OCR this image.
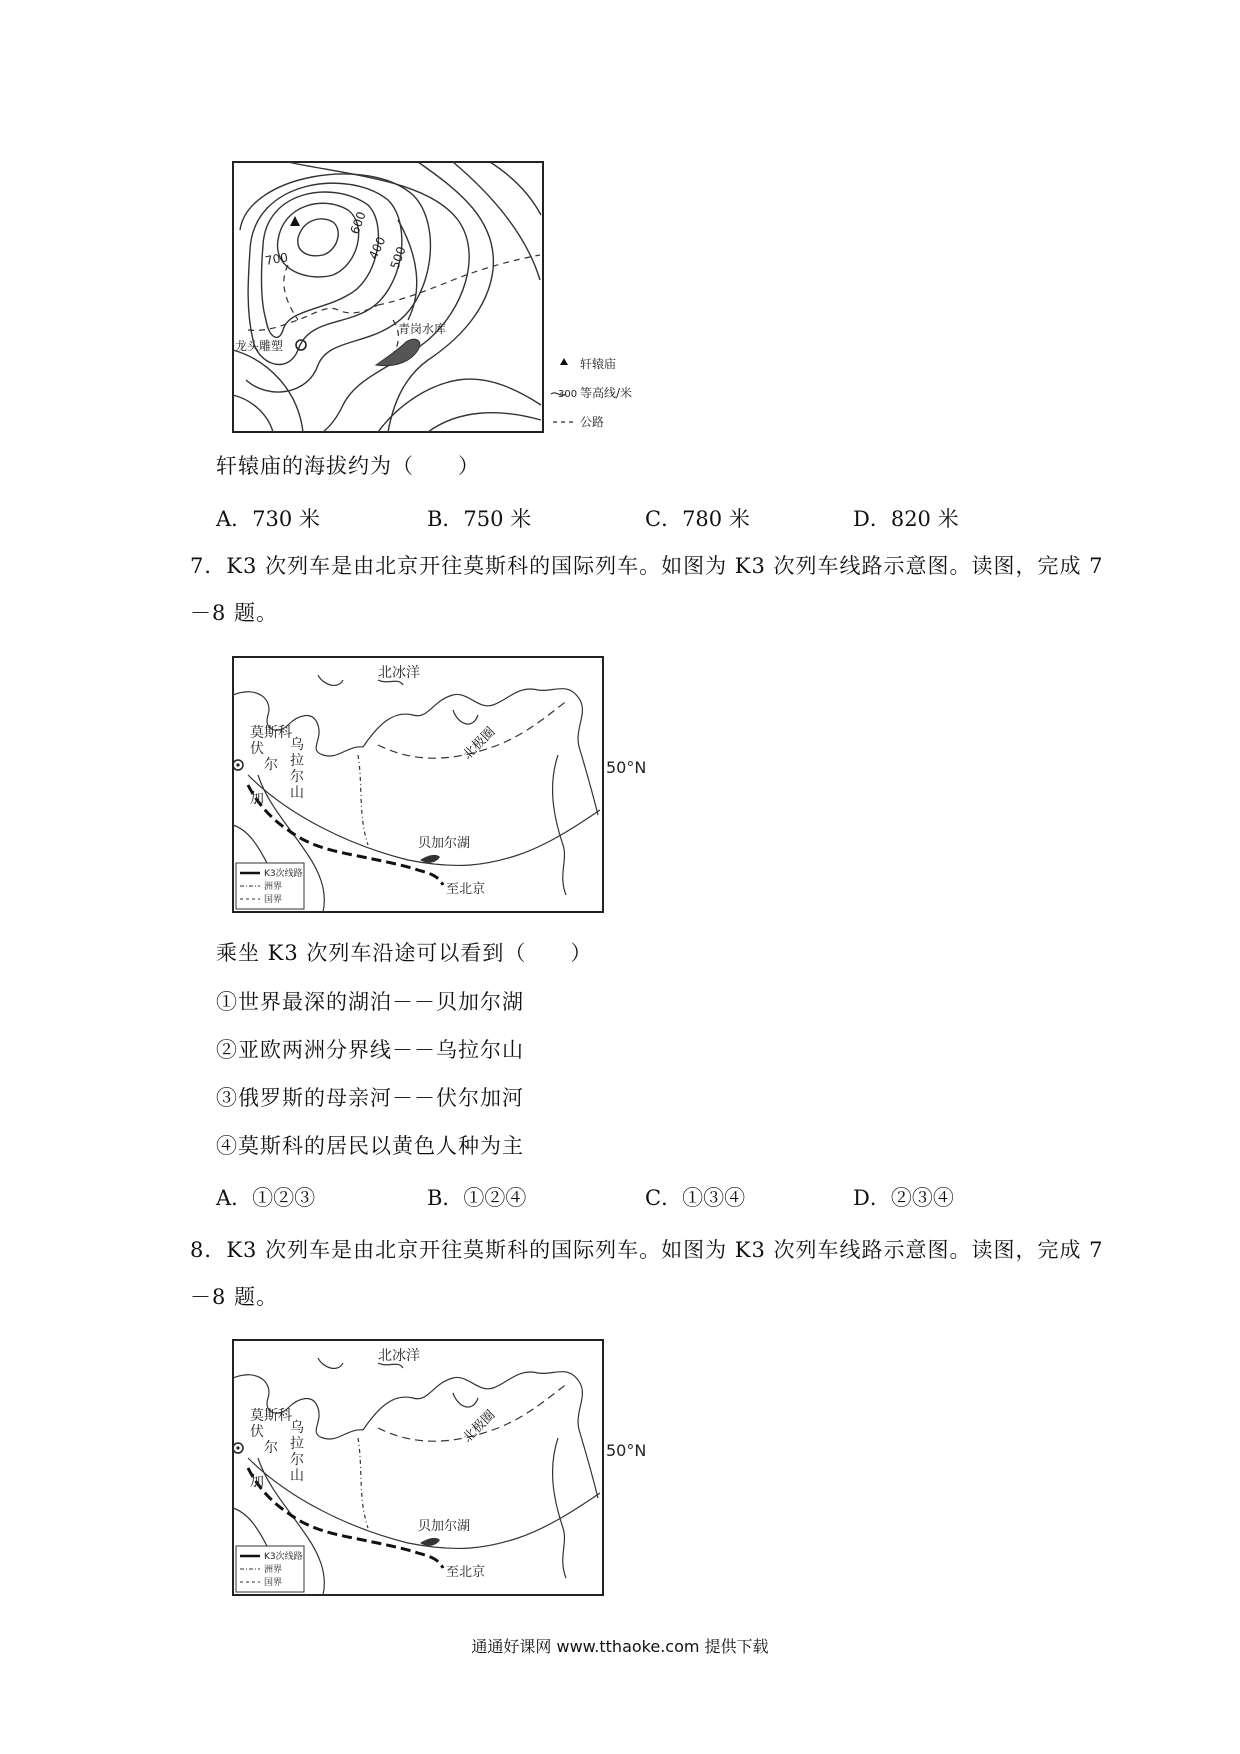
700
600
400 500
龙头雕塑
青岗水库
轩辕庙
300 等高线/米
公路
轩辕庙的海拔约为（　　）
A．730 米	B．750 米	C．780 米	D．820 米
7．K3 次列车是由北京开往莫斯科的国际列车。如图为 K3 次列车线路示意图。读图，完成 7
－8 题。
北冰洋
北极圈
莫斯科
伏
尔
加
乌
拉
尔
山
贝加尔湖
至北京
50°N
K3次线路
洲界
国界
乘坐 K3 次列车沿途可以看到（　　）
①世界最深的湖泊－－贝加尔湖
②亚欧两洲分界线－－乌拉尔山
③俄罗斯的母亲河－－伏尔加河
④莫斯科的居民以黄色人种为主
A．①②③	B．①②④	C．①③④	D．②③④
8．K3 次列车是由北京开往莫斯科的国际列车。如图为 K3 次列车线路示意图。读图，完成 7
－8 题。
北冰洋
北极圈
莫斯科
伏
尔
加
乌
拉
尔
山
贝加尔湖
至北京
50°N
K3次线路
洲界
国界
通通好课网 www.tthaoke.com 提供下载
